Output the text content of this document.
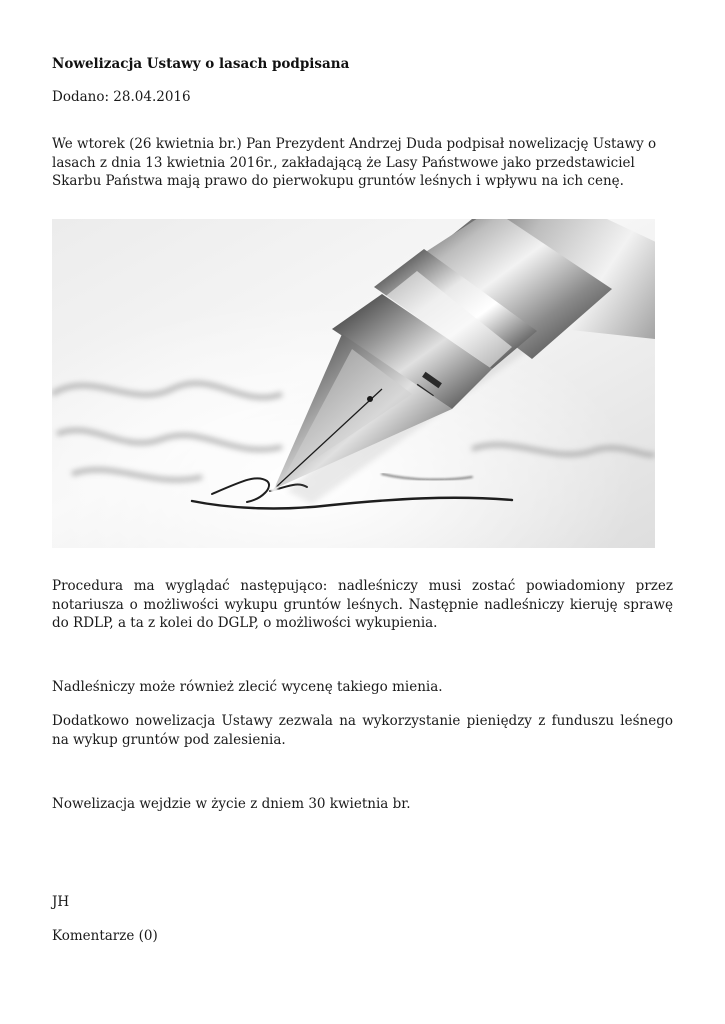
Nowelizacja Ustawy o lasach podpisana
Dodano: 28.04.2016

We wtorek (26 kwietnia br.) Pan Prezydent Andrzej Duda podpisał nowelizację Ustawy o lasach z dnia 13 kwietnia 2016r., zakładającą że Lasy Państwowe jako przedstawiciel Skarbu Państwa mają prawo do pierwokupu gruntów leśnych i wpływu na ich cenę.

Procedura ma wyglądać następująco: nadleśniczy musi zostać powiadomiony przez notariusza o możliwości wykupu gruntów leśnych. Następnie nadleśniczy kieruję sprawę do RDLP, a ta z kolei do DGLP, o możliwości wykupienia.

Nadleśniczy może również zlecić wycenę takiego mienia.

Dodatkowo nowelizacja Ustawy zezwala na wykorzystanie pieniędzy z funduszu leśnego na wykup gruntów pod zalesienia.

Nowelizacja wejdzie w życie z dniem 30 kwietnia br.

JH
Komentarze (0)
